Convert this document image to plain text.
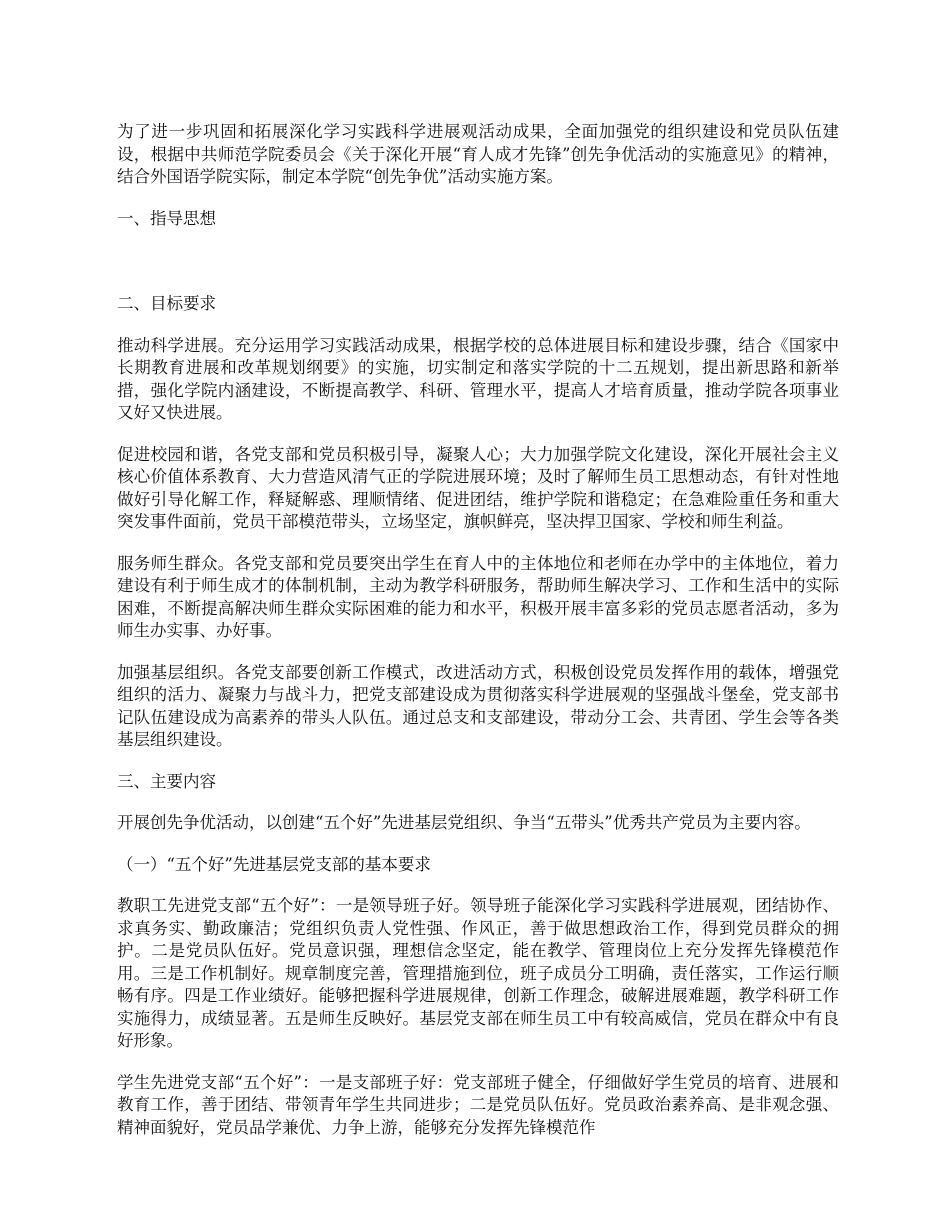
为了进一步巩固和拓展深化学习实践科学进展观活动成果，全面加强党的组织建设和党员队伍建设，根据中共师范学院委员会《关于深化开展“育人成才先锋”创先争优活动的实施意见》的精神，结合外国语学院实际，制定本学院“创先争优”活动实施方案。

一、指导思想

二、目标要求

推动科学进展。充分运用学习实践活动成果，根据学校的总体进展目标和建设步骤，结合《国家中长期教育进展和改革规划纲要》的实施，切实制定和落实学院的十二五规划，提出新思路和新举措，强化学院内涵建设，不断提高教学、科研、管理水平，提高人才培育质量，推动学院各项事业又好又快进展。

促进校园和谐，各党支部和党员积极引导，凝聚人心；大力加强学院文化建设，深化开展社会主义核心价值体系教育、大力营造风清气正的学院进展环境；及时了解师生员工思想动态，有针对性地做好引导化解工作，释疑解惑、理顺情绪、促进团结，维护学院和谐稳定；在急难险重任务和重大突发事件面前，党员干部模范带头，立场坚定，旗帜鲜亮，坚决捍卫国家、学校和师生利益。

服务师生群众。各党支部和党员要突出学生在育人中的主体地位和老师在办学中的主体地位，着力建设有利于师生成才的体制机制，主动为教学科研服务，帮助师生解决学习、工作和生活中的实际困难，不断提高解决师生群众实际困难的能力和水平，积极开展丰富多彩的党员志愿者活动，多为师生办实事、办好事。

加强基层组织。各党支部要创新工作模式，改进活动方式，积极创设党员发挥作用的载体，增强党组织的活力、凝聚力与战斗力，把党支部建设成为贯彻落实科学进展观的坚强战斗堡垒，党支部书记队伍建设成为高素养的带头人队伍。通过总支和支部建设，带动分工会、共青团、学生会等各类基层组织建设。

三、主要内容

开展创先争优活动，以创建“五个好”先进基层党组织、争当“五带头”优秀共产党员为主要内容。

（一）“五个好”先进基层党支部的基本要求

教职工先进党支部“五个好”：一是领导班子好。领导班子能深化学习实践科学进展观，团结协作、求真务实、勤政廉洁；党组织负责人党性强、作风正，善于做思想政治工作，得到党员群众的拥护。二是党员队伍好。党员意识强，理想信念坚定，能在教学、管理岗位上充分发挥先锋模范作用。三是工作机制好。规章制度完善，管理措施到位，班子成员分工明确，责任落实，工作运行顺畅有序。四是工作业绩好。能够把握科学进展规律，创新工作理念，破解进展难题，教学科研工作实施得力，成绩显著。五是师生反映好。基层党支部在师生员工中有较高威信，党员在群众中有良好形象。

学生先进党支部“五个好”：一是支部班子好：党支部班子健全，仔细做好学生党员的培育、进展和教育工作，善于团结、带领青年学生共同进步；二是党员队伍好。党员政治素养高、是非观念强、精神面貌好，党员品学兼优、力争上游，能够充分发挥先锋模范作
